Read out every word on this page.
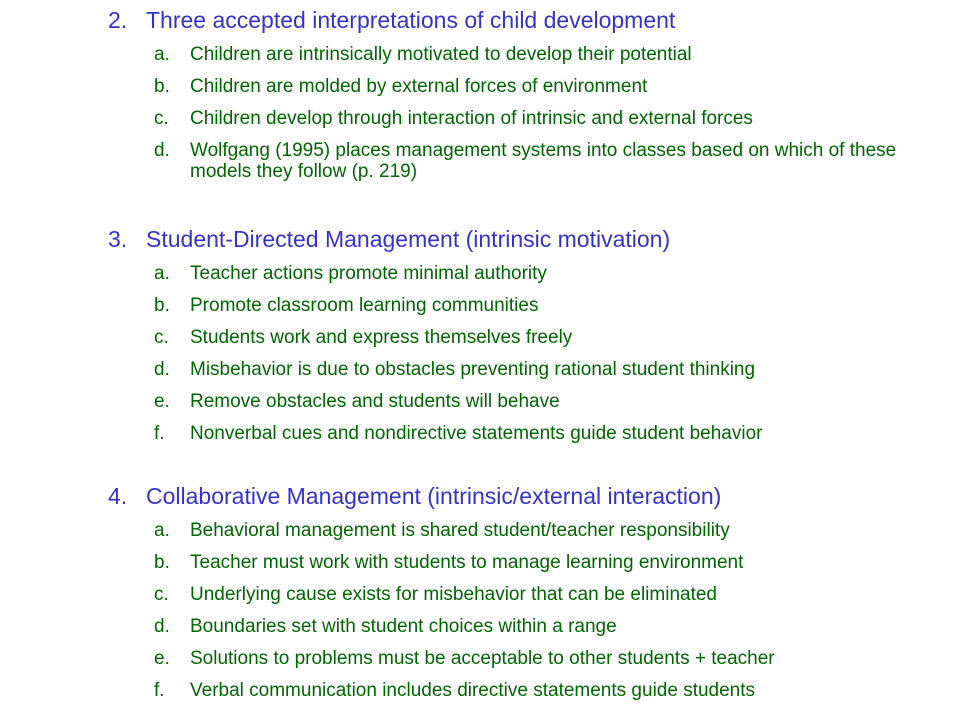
2. Three accepted interpretations of child development
a. Children are intrinsically motivated to develop their potential
b. Children are molded by external forces of environment
c. Children develop through interaction of intrinsic and external forces
d. Wolfgang (1995) places management systems into classes based on which of these models they follow (p. 219)
3. Student-Directed Management (intrinsic motivation)
a. Teacher actions promote minimal authority
b. Promote classroom learning communities
c. Students work and express themselves freely
d. Misbehavior is due to obstacles preventing rational student thinking
e. Remove obstacles and students will behave
f. Nonverbal cues and nondirective statements guide student behavior
4. Collaborative Management (intrinsic/external interaction)
a. Behavioral management is shared student/teacher responsibility
b. Teacher must work with students to manage learning environment
c. Underlying cause exists for misbehavior that can be eliminated
d. Boundaries set with student choices within a range
e. Solutions to problems must be acceptable to other students + teacher
f. Verbal communication includes directive statements guide students
